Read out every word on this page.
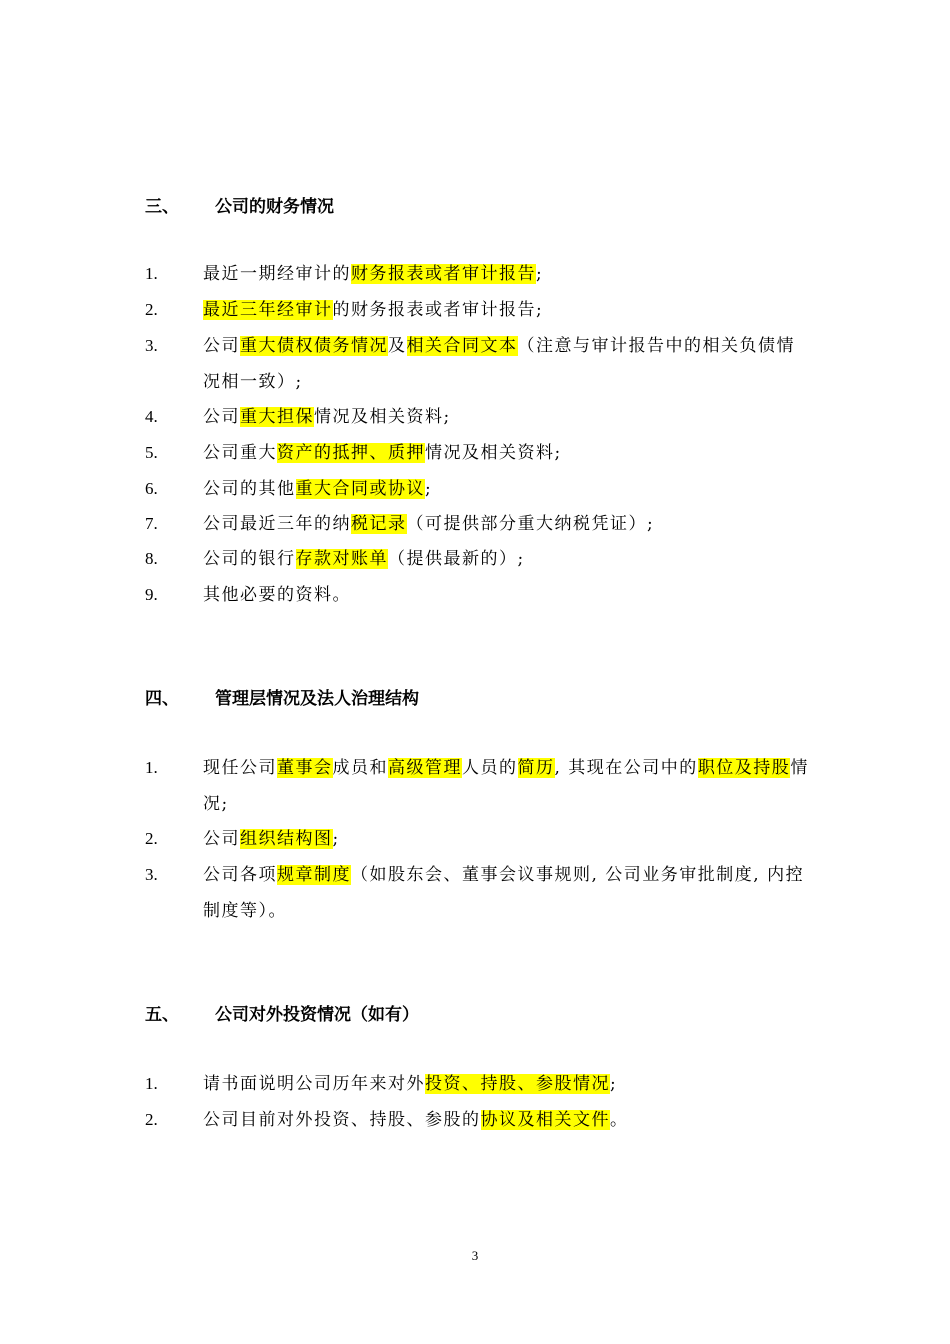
三、 公司的财务情况
1.	最近一期经审计的财务报表或者审计报告;
2.	最近三年经审计的财务报表或者审计报告;
3.	公司重大债权债务情况及相关合同文本（注意与审计报告中的相关负债情况相一致）;
4.	公司重大担保情况及相关资料;
5.	公司重大资产的抵押、质押情况及相关资料;
6.	公司的其他重大合同或协议;
7.	公司最近三年的纳税记录（可提供部分重大纳税凭证）;
8.	公司的银行存款对账单（提供最新的）;
9.	其他必要的资料。
四、 管理层情况及法人治理结构
1.	现任公司董事会成员和高级管理人员的简历, 其现在公司中的职位及持股情况;
2.	公司组织结构图;
3.	公司各项规章制度（如股东会、董事会议事规则, 公司业务审批制度, 内控制度等）。
五、 公司对外投资情况（如有）
1.	请书面说明公司历年来对外投资、持股、参股情况;
2.	公司目前对外投资、持股、参股的协议及相关文件。
3
